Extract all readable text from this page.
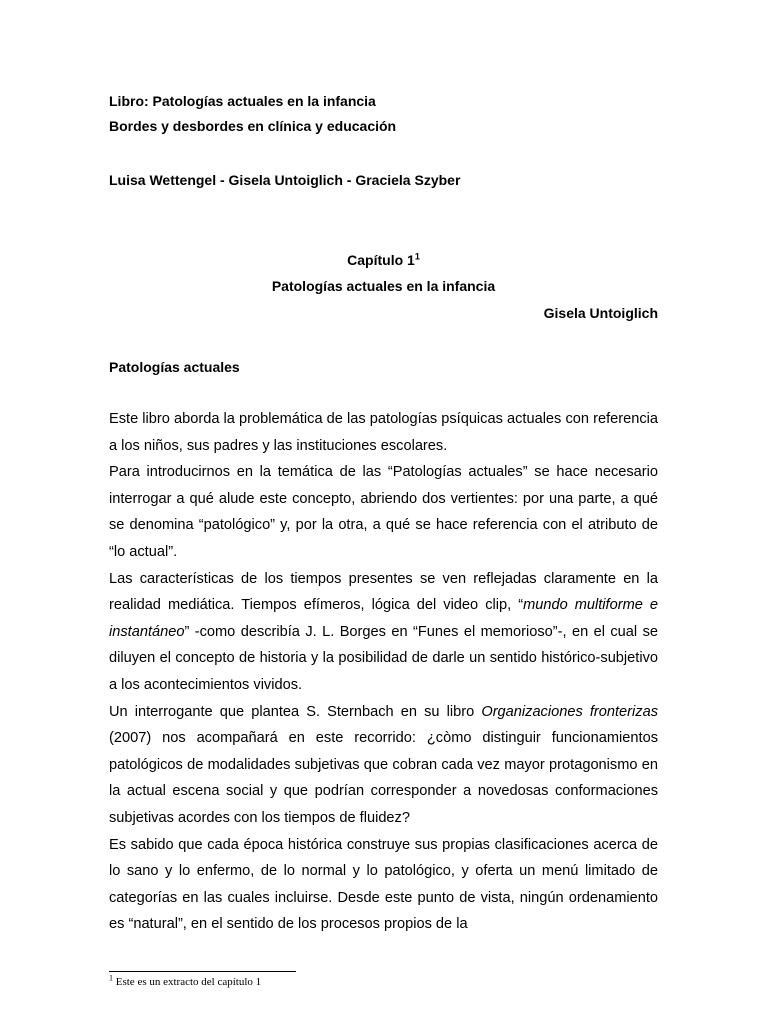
Libro: Patologías actuales en la infancia

Bordes y desbordes en clínica y educación

Luisa Wettengel - Gisela Untoiglich - Graciela Szyber

Capítulo $1^1$

Patologías actuales en la infancia

Gisela Untoiglich

Patologías actuales

Este libro aborda la problemática de las patologías psíquicas actuales con referencia a los niños, sus padres y las instituciones escolares.

Para introducirnos en la temática de las “Patologías actuales” se hace necesario interrogar a qué alude este concepto, abriendo dos vertientes: por una parte, a qué se denomina “patológico” y, por la otra, a qué se hace referencia con el atributo de “lo actual”.

Las características de los tiempos presentes se ven reflejadas claramente en la realidad mediática. Tiempos efímeros, lógica del video clip, “mundo multiforme e instantáneo” -como describía J. L. Borges en “Funes el memorioso”-, en el cual se diluyen el concepto de historia y la posibilidad de darle un sentido histórico-subjetivo a los acontecimientos vividos.

Un interrogante que plantea S. Sternbach en su libro Organizaciones fronterizas (2007) nos acompañará en este recorrido: ¿còmo distinguir funcionamientos patológicos de modalidades subjetivas que cobran cada vez mayor protagonismo en la actual escena social y que podrían corresponder a novedosas conformaciones subjetivas acordes con los tiempos de fluidez?

Es sabido que cada época histórica construye sus propias clasificaciones acerca de lo sano y lo enfermo, de lo normal y lo patológico, y oferta un menú limitado de categorías en las cuales incluirse. Desde este punto de vista, ningún ordenamiento es “natural”, en el sentido de los procesos propios de la

$^1$ Este es un extracto del capítulo 1
